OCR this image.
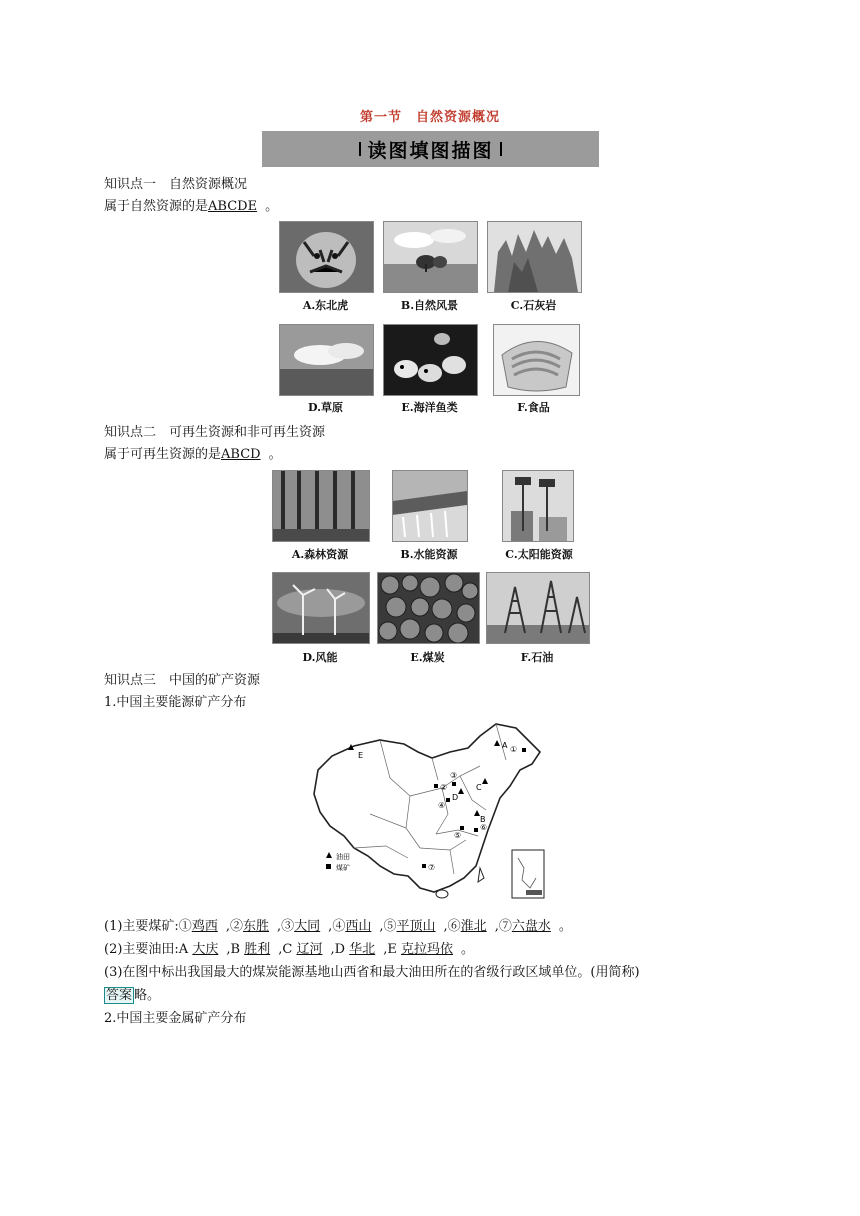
第一节　自然资源概况
读图填图描图
知识点一　自然资源概况
属于自然资源的是ABCDE 。
A.东北虎	B.自然风景	C.石灰岩
D.草原	E.海洋鱼类	F.食品
知识点二　可再生资源和非可再生资源
属于可再生资源的是ABCD 。
A.森林资源	B.水能资源	C.太阳能资源
D.风能	E.煤炭	F.石油
知识点三　中国的矿产资源
1.中国主要能源矿产分布
油田
煤矿
A
B
C
D
E
①
②
③
④
⑤
⑥
⑦
(1)主要煤矿:①鸡西 ,②东胜 ,③大同 ,④西山 ,⑤平顶山 ,⑥淮北 ,⑦六盘水 。
(2)主要油田:A 大庆 ,B 胜利 ,C 辽河 ,D 华北 ,E 克拉玛依 。
(3)在图中标出我国最大的煤炭能源基地山西省和最大油田所在的省级行政区域单位。(用简称)
答案 略。
2.中国主要金属矿产分布
